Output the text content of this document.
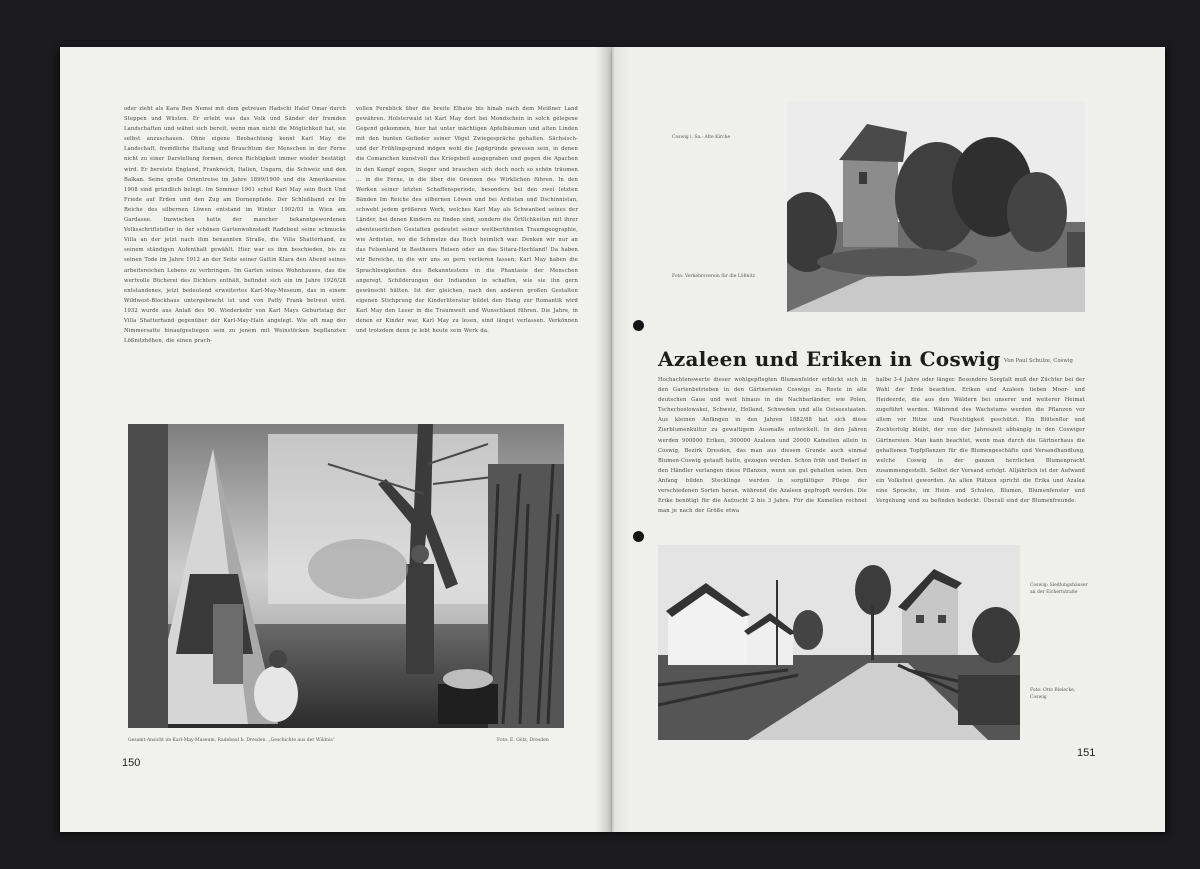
oder zieht als Kara Ben Nemsi mit dem getreuen Hadschi Halef Omar durch Steppen und Wüsten. Er erlebt was das Volk und Sänder der fremden Landschaften und wähnt sich bereit, wenn man nicht die Möglichkeit hat, sie selbst anzuschauen. Ohne eigene Beobachtung kennt Karl May die Landschaft, fremdliche Haltung und Brauchtum der Menschen in der Ferne nicht zu einer Darstellung formen, deren Richtigkeit immer wieder bestätigt wird. Er bereiste England, Frankreich, Italien, Ungarn, die Schweiz und den Balkan. Seine große Orientreise im Jahre 1899/1900 und die Amerikareise 1908 sind gründlich belegt. Im Sommer 1901 schuf Karl May sein Buch Und Friede auf Erden und den Zug am Dornenpfade. Der Schlußband zu Im Reiche des silbernen Löwen entstand im Winter 1902/03 in Wien am Gardasee. Inzwischen hatte der mancher bekanntgewordenen Volksschriftsteller in der schönen Gartenwohnstadt Radebeul seine schmucke Villa an der jetzt nach ihm benannten Straße, die Villa Shatterhand, zu seinem ständigen Aufenthalt gewählt. Hier war es ihm beschieden, bis zu seinen Tode im Jahre 1912 an der Seite seiner Gattin Klara den Abend seines arbeitsreichen Lebens zu verbringen. Im Garten seines Wohnhauses, das die wertvolle Bücherei des Dichters enthält, befindet sich ein im Jahre 1926/28 entstandenes, jetzt bedeutend erweitertes Karl-May-Museum, das in einem Wildwest-Blockhaus untergebracht ist und von Patty Frank betreut wird. 1932 wurde aus Anlaß des 90. Wiederkehr von Karl Mays Geburtstag der Villa Shatterhand gegenüber der Karl-May-Hain angelegt. Wie oft mag der Nimmersatte hinaufgestiegen sein zu jenem mit Weinstöcken bepflanzten Lößnitzhöhen, die einen prach-
vollen Fernblick über die breite Elbaue bis hinab nach dem Meißner Land gewähren. Holsterwald ist Karl May dort bei Mondschein in solch gelegene Gegend gekommen, hier hat unter mächtigen Apfelbäumen und alten Linden mit den bunten Gefieder seiner Vögel Zwiegespräche gehalten. Sächsisch- und der Frühlingsgrund mögen wohl die Jagdgründe gewesen sein, in denen die Comanchen kunstvoll das Kriegsbeil ausgegraben und gegen die Apachen in den Kampf zogen, Sieger und brauchen sich doch noch so schön träumen ... in die Ferne, in die über die Grenzen des Wirklichen führen. In den Werken seiner letzten Schaffensperiode, besonders bei den zwei letzten Bänden Im Reiche des silbernen Löwen und bei Ardistan und Dschinnistan, schwebt jedem größeren Werk, welches Karl May als Schwanlied seines der Länder, bei denen Kindern zu finden sind, sondern die Örtlichkeiten mit ihrer abenteuerlichen Gestalten gedeutet seiner weitberühmten Traumgeographie, wie Ardistan, wo die Schmelze das Buch heimlich war. Denken wir nur an das Felsenland in Bastheers Reisen oder an das Sitara-Hochland! Da haben wir Bereiche, in die wir uns so gern verlieren lassen; Karl May haben die Sprachlosigkeiten des Bekanntestens in die Phantasie der Menschen angeregt. Schilderungen der Indianden in schaffen, wie sie ihn gern gewünscht hätten. Ist der gleichen, nach den anderen großen Gestalten eigenen Stichprung der Kinderliteratur bildet den Hang zur Romantik wird Karl May den Leser in die Traumwelt und Wunschland führen. Die Jahre, in denen er Kinder war, Karl May zu lesen, sind längst verlassen. Verkönnen und trotzdem denn je lebt heute sein Werk da.
Gesamt-Ansicht im Karl-May-Museum, Radebeul b. Dresden. „Geschichte aus der Wildnis“	Foto: E. Götz, Dresden
150
Coswig i. Sa.: Alte Kirche
Foto: Verkehrsverein für die Lößnitz
Azaleen und Eriken in Coswig Von Paul Schulze, Coswig
Hochachtenswerte dieser wohlgepflegten Blumenfelder erblickt sich in den Gartenbetrieben in den Gärtnereien Coswigs zu Roste in alle deutschen Gaue und weit hinaus in die Nachbarländer, wie Polen, Tschechoslowakei, Schweiz, Holland, Schweden und alle Ostseestaaten. Aus kleinen Anfängen in den Jahren 1882/88 hat sich diese Zierblumenkultur zu gewaltigem Ausmaße entwickelt. In den Jahren werden 900000 Eriken, 300000 Azaleen und 20000 Kamelien allein in Coswig, Bezirk Dresden, das man aus diesem Grunde auch einmal Blumen-Coswig getauft hatte, gezogen werden. Schon früh und Bedarf in den Händler verlangen diese Pflanzen, wenn sie gut gehalten seien. Den Anfang bilden Stecklinge werden in sorgfältiger Pflege der verschiedenen Sorten heran, während die Azaleen gepfropft werden. Die Erike benötigt für die Aufzucht 2 bis 3 Jahre. Für die Kamelien rechnet man je nach der Größe etwa
halbe 3-4 Jahre oder länger. Besondere Sorgfalt muß der Züchter bei der Wahl der Erde beachten. Eriken und Azaleen lieben Moor- und Heideerde, die aus den Wäldern bei unserer und weiterer Heimat zugeführt werden. Während des Wachstums werden die Pflanzen vor allem vor Hitze und Feuchtigkeit geschützt. Ein Blütenflor und Zuchterfolg bleibt, der von der Jahreszeit abhängig in den Coswiger Gärtnereien. Man kann beachtet, wenn man durch die Gärtnerhaus die gehaltenen Topfpflanzen für die Blumengeschäfte und Versandhandlung, welche Coswig in der ganzen herrlichen Blumenpracht zusammengestellt. Selbst der Versand erfolgt. Alljährlich ist der Aufwand ein Volksfest geworden. An allen Plätzen spricht die Erika und Azalea eine Sprache, im Heim und Schulen, Blumen, Blumenfenster und Vergehung sind zu befinden bedeckt. Überall sind der Blumenfreunde.
Coswig: Siedlungshäuser an der Eichertstraße
Foto: Otto Bielecke, Coswig
151
